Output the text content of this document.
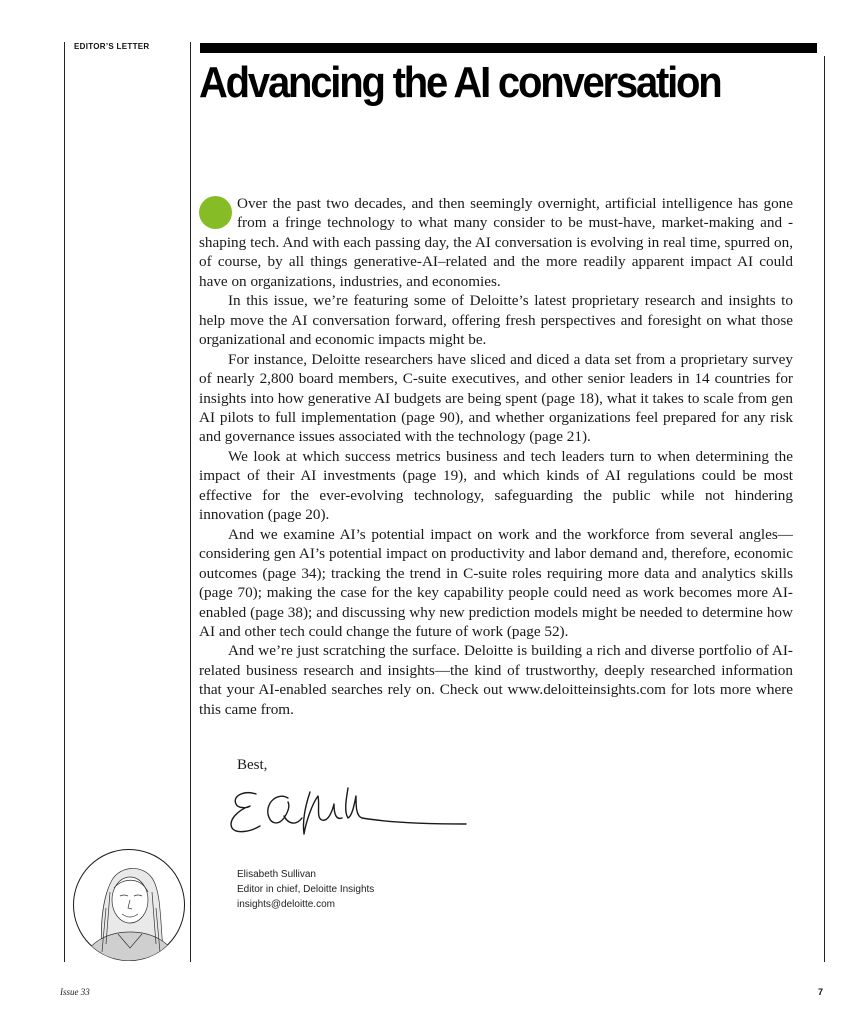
EDITOR’S LETTER
Advancing the AI conversation

Over the past two decades, and then seemingly overnight, artificial intelligence has gone from a fringe technology to what many consider to be must-have, market-making and -shaping tech. And with each passing day, the AI conversation is evolving in real time, spurred on, of course, by all things generative-AI–related and the more readily apparent impact AI could have on organizations, industries, and economies.

In this issue, we’re featuring some of Deloitte’s latest proprietary research and insights to help move the AI conversation forward, offering fresh perspectives and foresight on what those organizational and economic impacts might be.

For instance, Deloitte researchers have sliced and diced a data set from a proprietary survey of nearly 2,800 board members, C-suite executives, and other senior leaders in 14 countries for insights into how generative AI budgets are being spent (page 18), what it takes to scale from gen AI pilots to full implementation (page 90), and whether organizations feel prepared for any risk and governance issues associated with the technology (page 21).

We look at which success metrics business and tech leaders turn to when determining the impact of their AI investments (page 19), and which kinds of AI regulations could be most effective for the ever-evolving technology, safeguarding the public while not hindering innovation (page 20).

And we examine AI’s potential impact on work and the workforce from several angles—considering gen AI’s potential impact on productivity and labor demand and, therefore, economic outcomes (page 34); tracking the trend in C-suite roles requiring more data and analytics skills (page 70); making the case for the key capability people could need as work becomes more AI-enabled (page 38); and discussing why new prediction models might be needed to determine how AI and other tech could change the future of work (page 52).

And we’re just scratching the surface. Deloitte is building a rich and diverse portfolio of AI-related business research and insights—the kind of trustworthy, deeply researched information that your AI-enabled searches rely on. Check out www.deloitteinsights.com for lots more where this came from.

Best,
Elisabeth Sullivan
Editor in chief, Deloitte Insights
insights@deloitte.com
Issue 33	7
